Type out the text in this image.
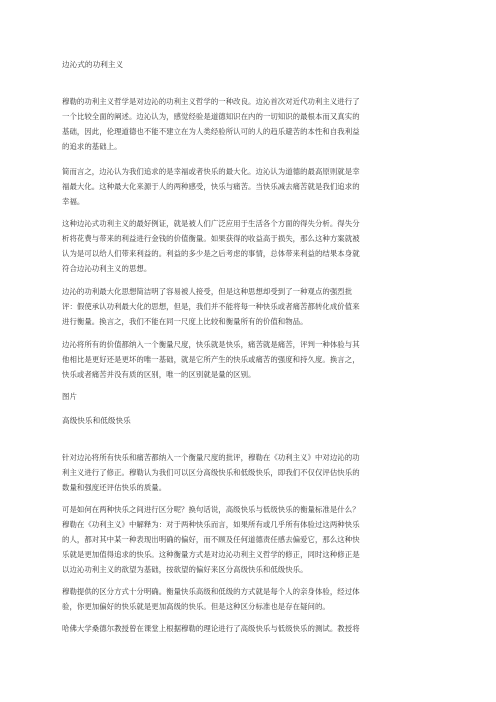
边沁式的功利主义
穆勒的功利主义哲学是对边沁的功利主义哲学的一种改良。边沁首次对近代功利主义进行了
一个比较全面的阐述。边沁认为，感觉经验是道德知识在内的一切知识的最根本而又真实的
基础，因此，伦理道德也不能不建立在为人类经验所认可的人的趋乐避苦的本性和自我利益
的追求的基础上。
简而言之，边沁认为我们追求的是幸福或者快乐的最大化。边沁认为道德的最高原则就是幸
福最大化。这种最大化来源于人的两种感受，快乐与痛苦。当快乐减去痛苦就是我们追求的
幸福。
这种边沁式功利主义的最好例证，就是被人们广泛应用于生活各个方面的得失分析。得失分
析将花费与带来的利益进行金钱的价值衡量。如果获得的收益高于损失，那么这种方案就被
认为是可以给人们带来利益的。利益的多少是之后考虑的事情，总体带来利益的结果本身就
符合边沁功利主义的思想。
边沁的功利最大化思想简洁明了容易被人接受，但是这种思想却受到了一种观点的强烈批
评：假使承认功利最大化的思想，但是，我们并不能将每一种快乐或者痛苦都转化成价值来
进行衡量。换言之，我们不能在同一尺度上比较和衡量所有的价值和物品。
边沁将所有的价值都纳入一个衡量尺度，快乐就是快乐，痛苦就是痛苦，评判一种体验与其
他相比是更好还是更坏的唯一基础，就是它所产生的快乐或痛苦的强度和持久度。换言之，
快乐或者痛苦并没有质的区别，唯一的区别就是量的区别。
图片
高级快乐和低级快乐
针对边沁将所有快乐和痛苦都纳入一个衡量尺度的批评，穆勒在《功利主义》中对边沁的功
利主义进行了修正。穆勒认为我们可以区分高级快乐和低级快乐，即我们不仅仅评估快乐的
数量和强度还评估快乐的质量。
可是如何在两种快乐之间进行区分呢？换句话说，高级快乐与低级快乐的衡量标准是什么？
穆勒在《功利主义》中解释为：对于两种快乐而言，如果所有或几乎所有体验过这两种快乐
的人，都对其中某一种表现出明确的偏好，而不顾及任何道德责任感去偏爱它，那么这种快
乐就是更加值得追求的快乐。这种衡量方式是对边沁功利主义哲学的修正，同时这种修正是
以边沁功利主义的欲望为基础，按欲望的偏好来区分高级快乐和低级快乐。
穆勒提供的区分方式十分明确。衡量快乐高级和低级的方式就是每个人的亲身体验，经过体
验，你更加偏好的快乐就是更加高级的快乐。但是这种区分标准也是存在疑问的。
哈佛大学桑德尔教授曾在课堂上根据穆勒的理论进行了高级快乐与低级快乐的测试。教授将
